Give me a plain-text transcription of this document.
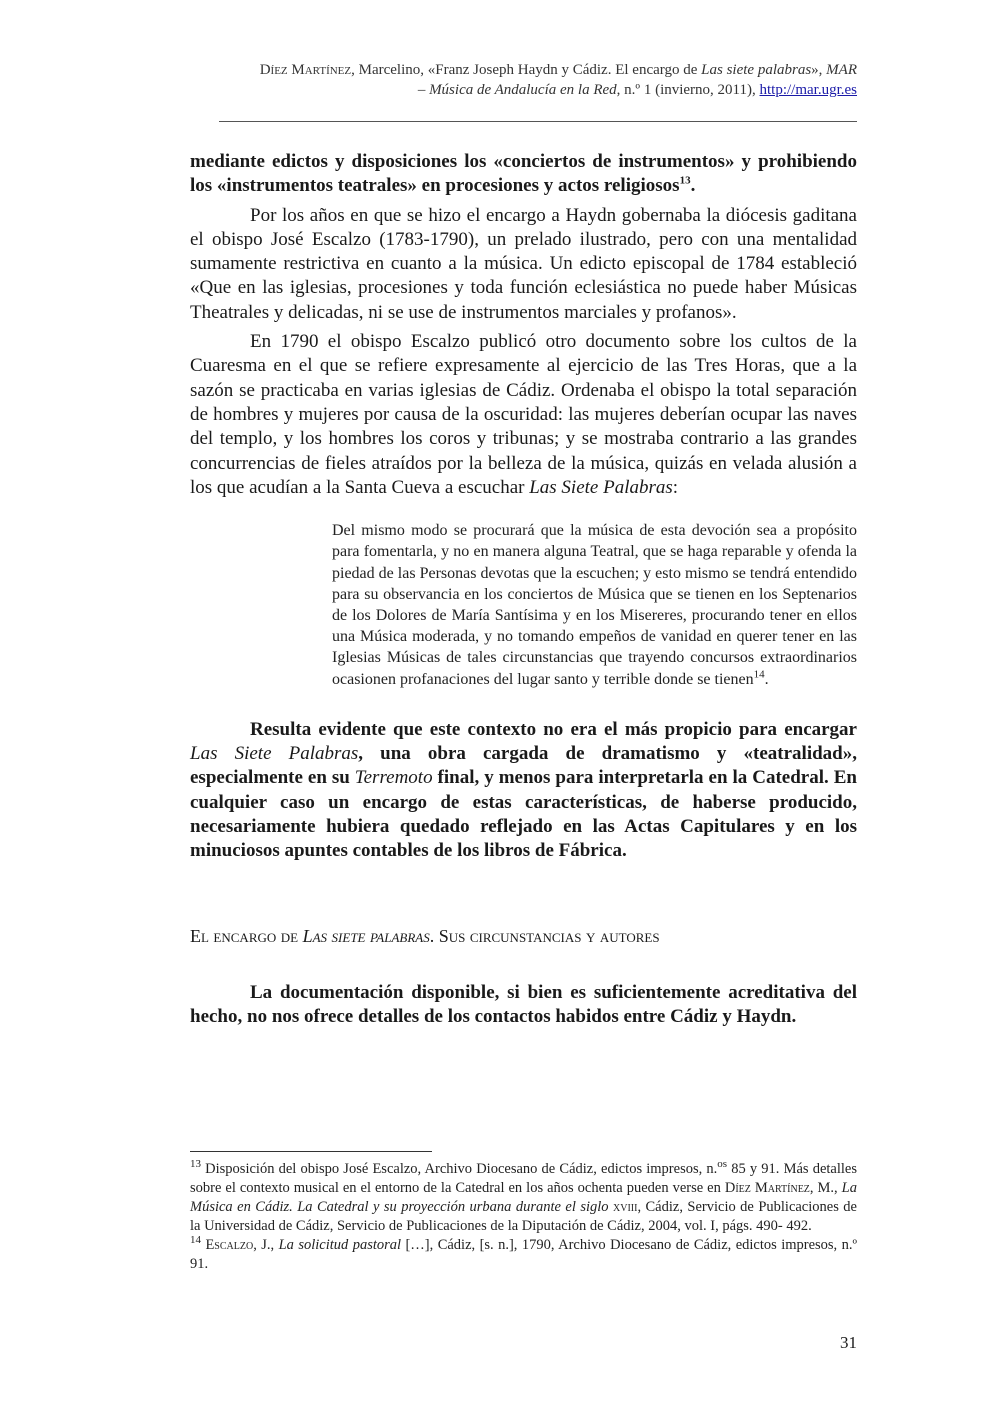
Díez Martínez, Marcelino, «Franz Joseph Haydn y Cádiz. El encargo de Las siete palabras», MAR
– Música de Andalucía en la Red, n.º 1 (invierno, 2011), http://mar.ugr.es

mediante edictos y disposiciones los «conciertos de instrumentos» y prohibiendo los «instrumentos teatrales» en procesiones y actos religiosos$^{13}$.

Por los años en que se hizo el encargo a Haydn gobernaba la diócesis gaditana el obispo José Escalzo (1783-1790), un prelado ilustrado, pero con una mentalidad sumamente restrictiva en cuanto a la música. Un edicto episcopal de 1784 estableció «Que en las iglesias, procesiones y toda función eclesiástica no puede haber Músicas Theatrales y delicadas, ni se use de instrumentos marciales y profanos».

En 1790 el obispo Escalzo publicó otro documento sobre los cultos de la Cuaresma en el que se refiere expresamente al ejercicio de las Tres Horas, que a la sazón se practicaba en varias iglesias de Cádiz. Ordenaba el obispo la total separación de hombres y mujeres por causa de la oscuridad: las mujeres deberían ocupar las naves del templo, y los hombres los coros y tribunas; y se mostraba contrario a las grandes concurrencias de fieles atraídos por la belleza de la música, quizás en velada alusión a los que acudían a la Santa Cueva a escuchar Las Siete Palabras:

Del mismo modo se procurará que la música de esta devoción sea a propósito para fomentarla, y no en manera alguna Teatral, que se haga reparable y ofenda la piedad de las Personas devotas que la escuchen; y esto mismo se tendrá entendido para su observancia en los conciertos de Música que se tienen en los Septenarios de los Dolores de María Santísima y en los Misereres, procurando tener en ellos una Música moderada, y no tomando empeños de vanidad en querer tener en las Iglesias Músicas de tales circunstancias que trayendo concursos extraordinarios ocasionen profanaciones del lugar santo y terrible donde se tienen$^{14}$.

Resulta evidente que este contexto no era el más propicio para encargar Las Siete Palabras, una obra cargada de dramatismo y «teatralidad», especialmente en su Terremoto final, y menos para interpretarla en la Catedral. En cualquier caso un encargo de estas características, de haberse producido, necesariamente hubiera quedado reflejado en las Actas Capitulares y en los minuciosos apuntes contables de los libros de Fábrica.

El encargo de Las siete palabras. Sus circunstancias y autores

La documentación disponible, si bien es suficientemente acreditativa del hecho, no nos ofrece detalles de los contactos habidos entre Cádiz y Haydn.

$^{13}$ Disposición del obispo José Escalzo, Archivo Diocesano de Cádiz, edictos impresos, n.$^{os}$ 85 y 91. Más detalles sobre el contexto musical en el entorno de la Catedral en los años ochenta pueden verse en Díez Martínez, M., La Música en Cádiz. La Catedral y su proyección urbana durante el siglo xviii, Cádiz, Servicio de Publicaciones de la Universidad de Cádiz, Servicio de Publicaciones de la Diputación de Cádiz, 2004, vol. I, págs. 490- 492.

$^{14}$ Escalzo, J., La solicitud pastoral […], Cádiz, [s. n.], 1790, Archivo Diocesano de Cádiz, edictos impresos, n.º 91.

31
